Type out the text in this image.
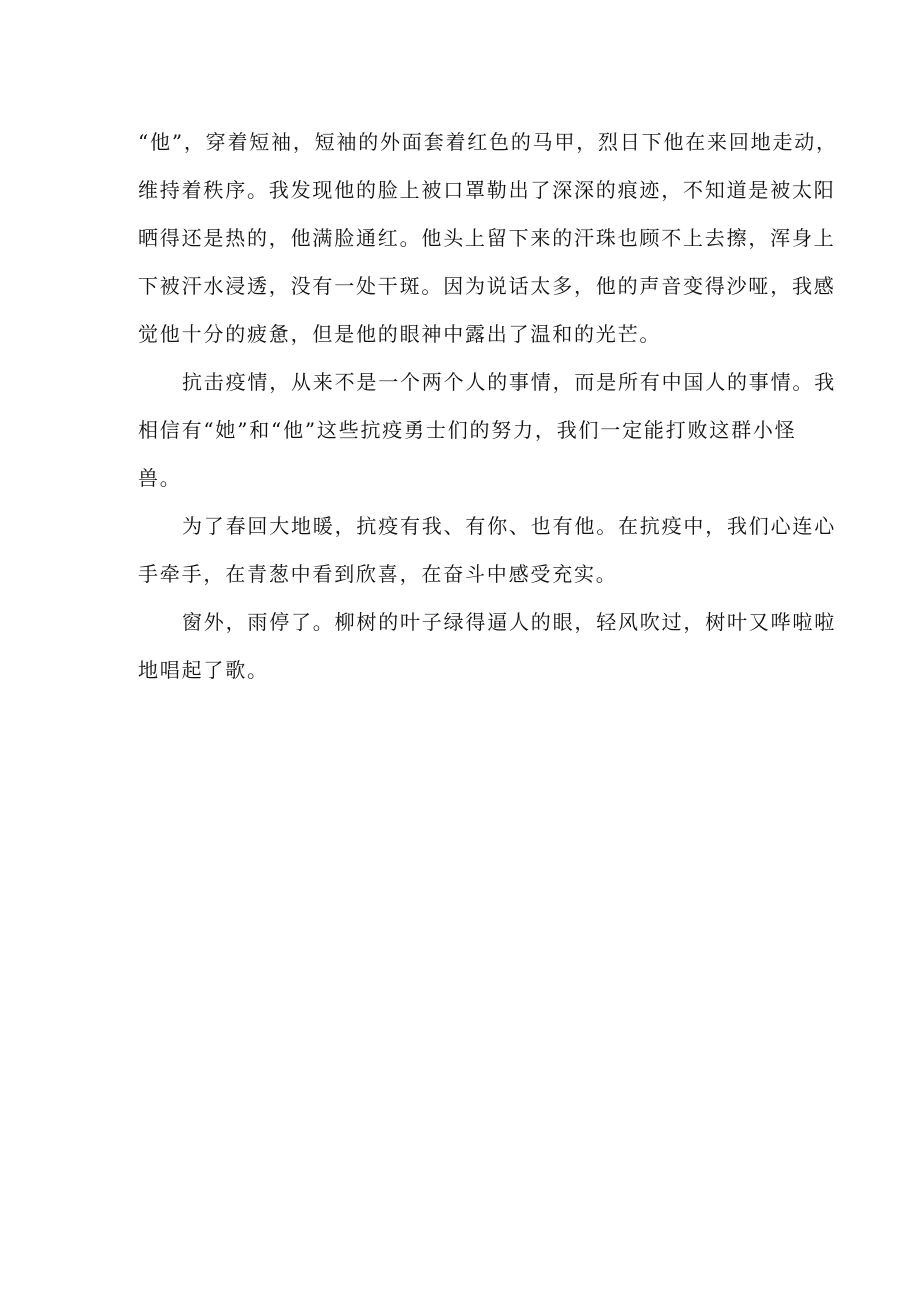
“他”，穿着短袖，短袖的外面套着红色的马甲，烈日下他在来回地走动，
维持着秩序。我发现他的脸上被口罩勒出了深深的痕迹，不知道是被太阳
晒得还是热的，他满脸通红。他头上留下来的汗珠也顾不上去擦，浑身上
下被汗水浸透，没有一处干斑。因为说话太多，他的声音变得沙哑，我感
觉他十分的疲惫，但是他的眼神中露出了温和的光芒。
抗击疫情，从来不是一个两个人的事情，而是所有中国人的事情。我
相信有“她”和“他”这些抗疫勇士们的努力，我们一定能打败这群小怪
兽。
为了春回大地暖，抗疫有我、有你、也有他。在抗疫中，我们心连心
手牵手，在青葱中看到欣喜，在奋斗中感受充实。
窗外，雨停了。柳树的叶子绿得逼人的眼，轻风吹过，树叶又哗啦啦
地唱起了歌。
